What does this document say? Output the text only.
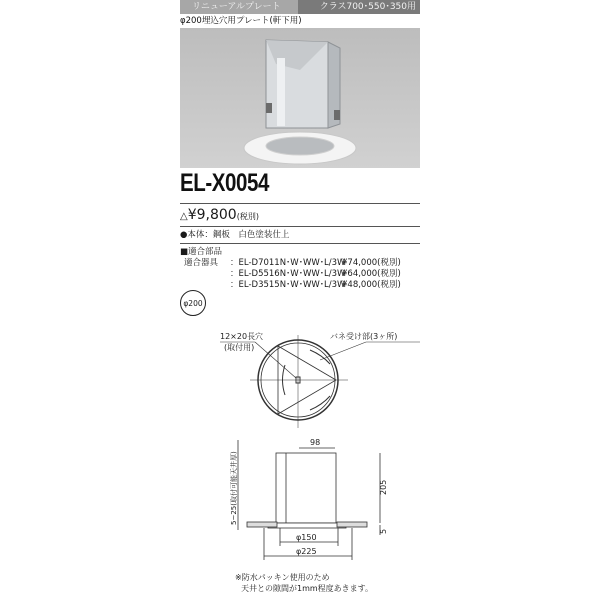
リニューアルプレート	クラス700･550･350用
φ200埋込穴用プレート(軒下用)
EL-X0054
△¥9,800(税別)
●本体：鋼板　白色塗装仕上
■適合部品
適合器具	：EL-D7011N･W･WW･L/3W
¥74,000(税別)
：EL-D5516N･W･WW･L/3W
¥64,000(税別)
：EL-D3515N･W･WW･L/3W
¥48,000(税別)
φ200
12×20長穴
(取付用)
バネ受け部(3ヶ所)
98
205
5
5~25(取付可能天井厚)
φ150
φ225
※防水パッキン使用のため
天井との隙間が1mm程度あきます。
